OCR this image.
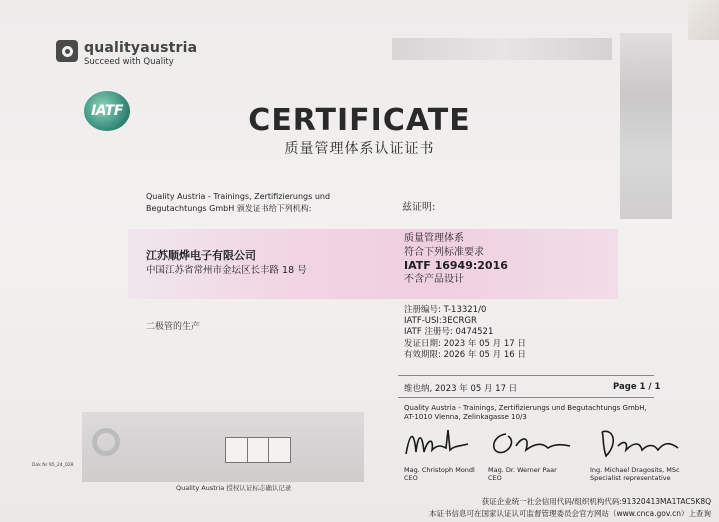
qualityaustria
Succeed with Quality
IATF	CERTIFICATE
质量管理体系认证证书
Quality Austria - Trainings, Zertifizierungs und
Begutachtungs GmbH 颁发证书给下列机构:	兹证明:
江苏顺烨电子有限公司
中国江苏省常州市金坛区长丰路 18 号
质量管理体系
符合下列标准要求
IATF 16949:2016
不含产品设计
二极管的生产
注册编号: T-13321/0
IATF-USI:3ECRGR
IATF 注册号: 0474521
发证日期: 2023 年 05 月 17 日
有效期限: 2026 年 05 月 16 日
维也纳, 2023 年 05 月 17 日	Page 1 / 1
Quality Austria - Trainings, Zertifizierungs und Begutachtungs GmbH,
AT-1010 Vienna, Zelinkagasse 10/3
Quality Austria 授权认证标志确认记录
Dok Nr 95_24_028
Mag. Christoph Mondl
CEO
Mag. Dr. Werner Paar
CEO
Ing. Michael Dragosits, MSc
Specialist representative
获证企业统一社会信用代码/组织机构代码:91320413MA1TAC5K8Q
本证书信息可在国家认证认可监督管理委员会官方网站（www.cnca.gov.cn）上查询
